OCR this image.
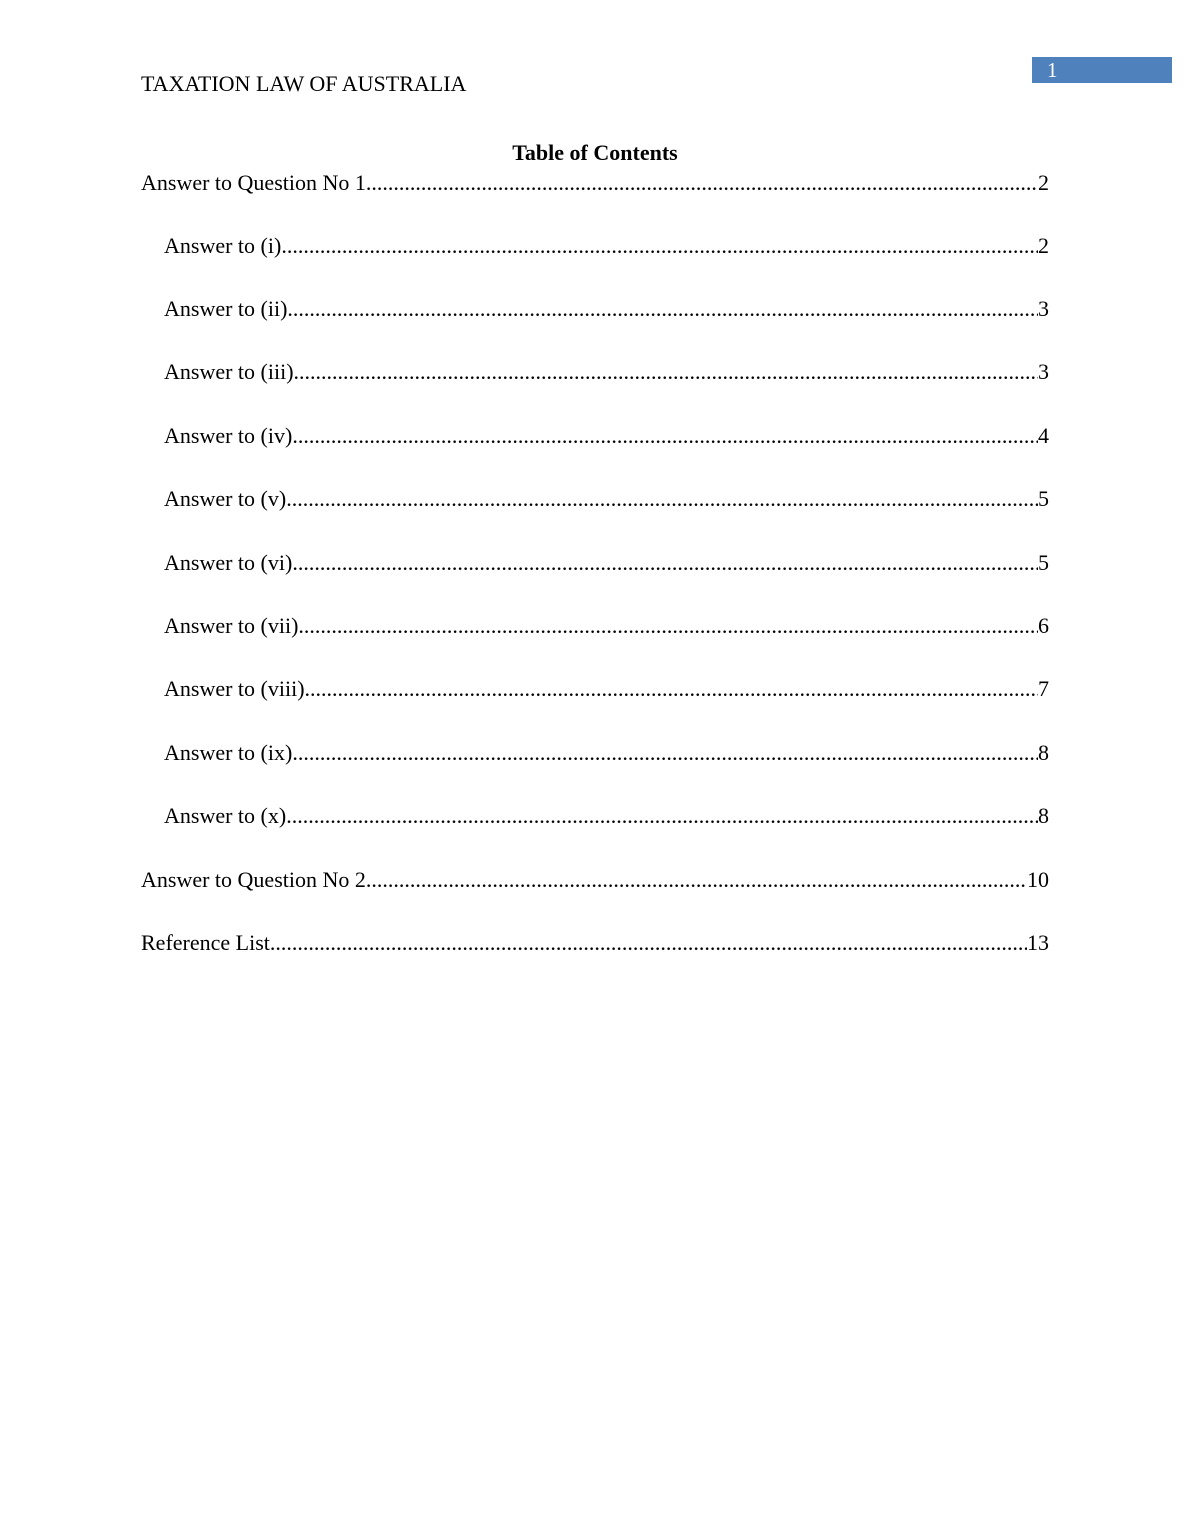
1
TAXATION LAW OF AUSTRALIA
Table of Contents
Answer to Question No 1 .....	2
Answer to (i) .....	2
Answer to (ii) .....	3
Answer to (iii) .....	3
Answer to (iv) .....	4
Answer to (v) .....	5
Answer to (vi) .....	5
Answer to (vii) .....	6
Answer to (viii) .....	7
Answer to (ix) .....	8
Answer to (x) .....	8
Answer to Question No 2 .....	10
Reference List .....	13
